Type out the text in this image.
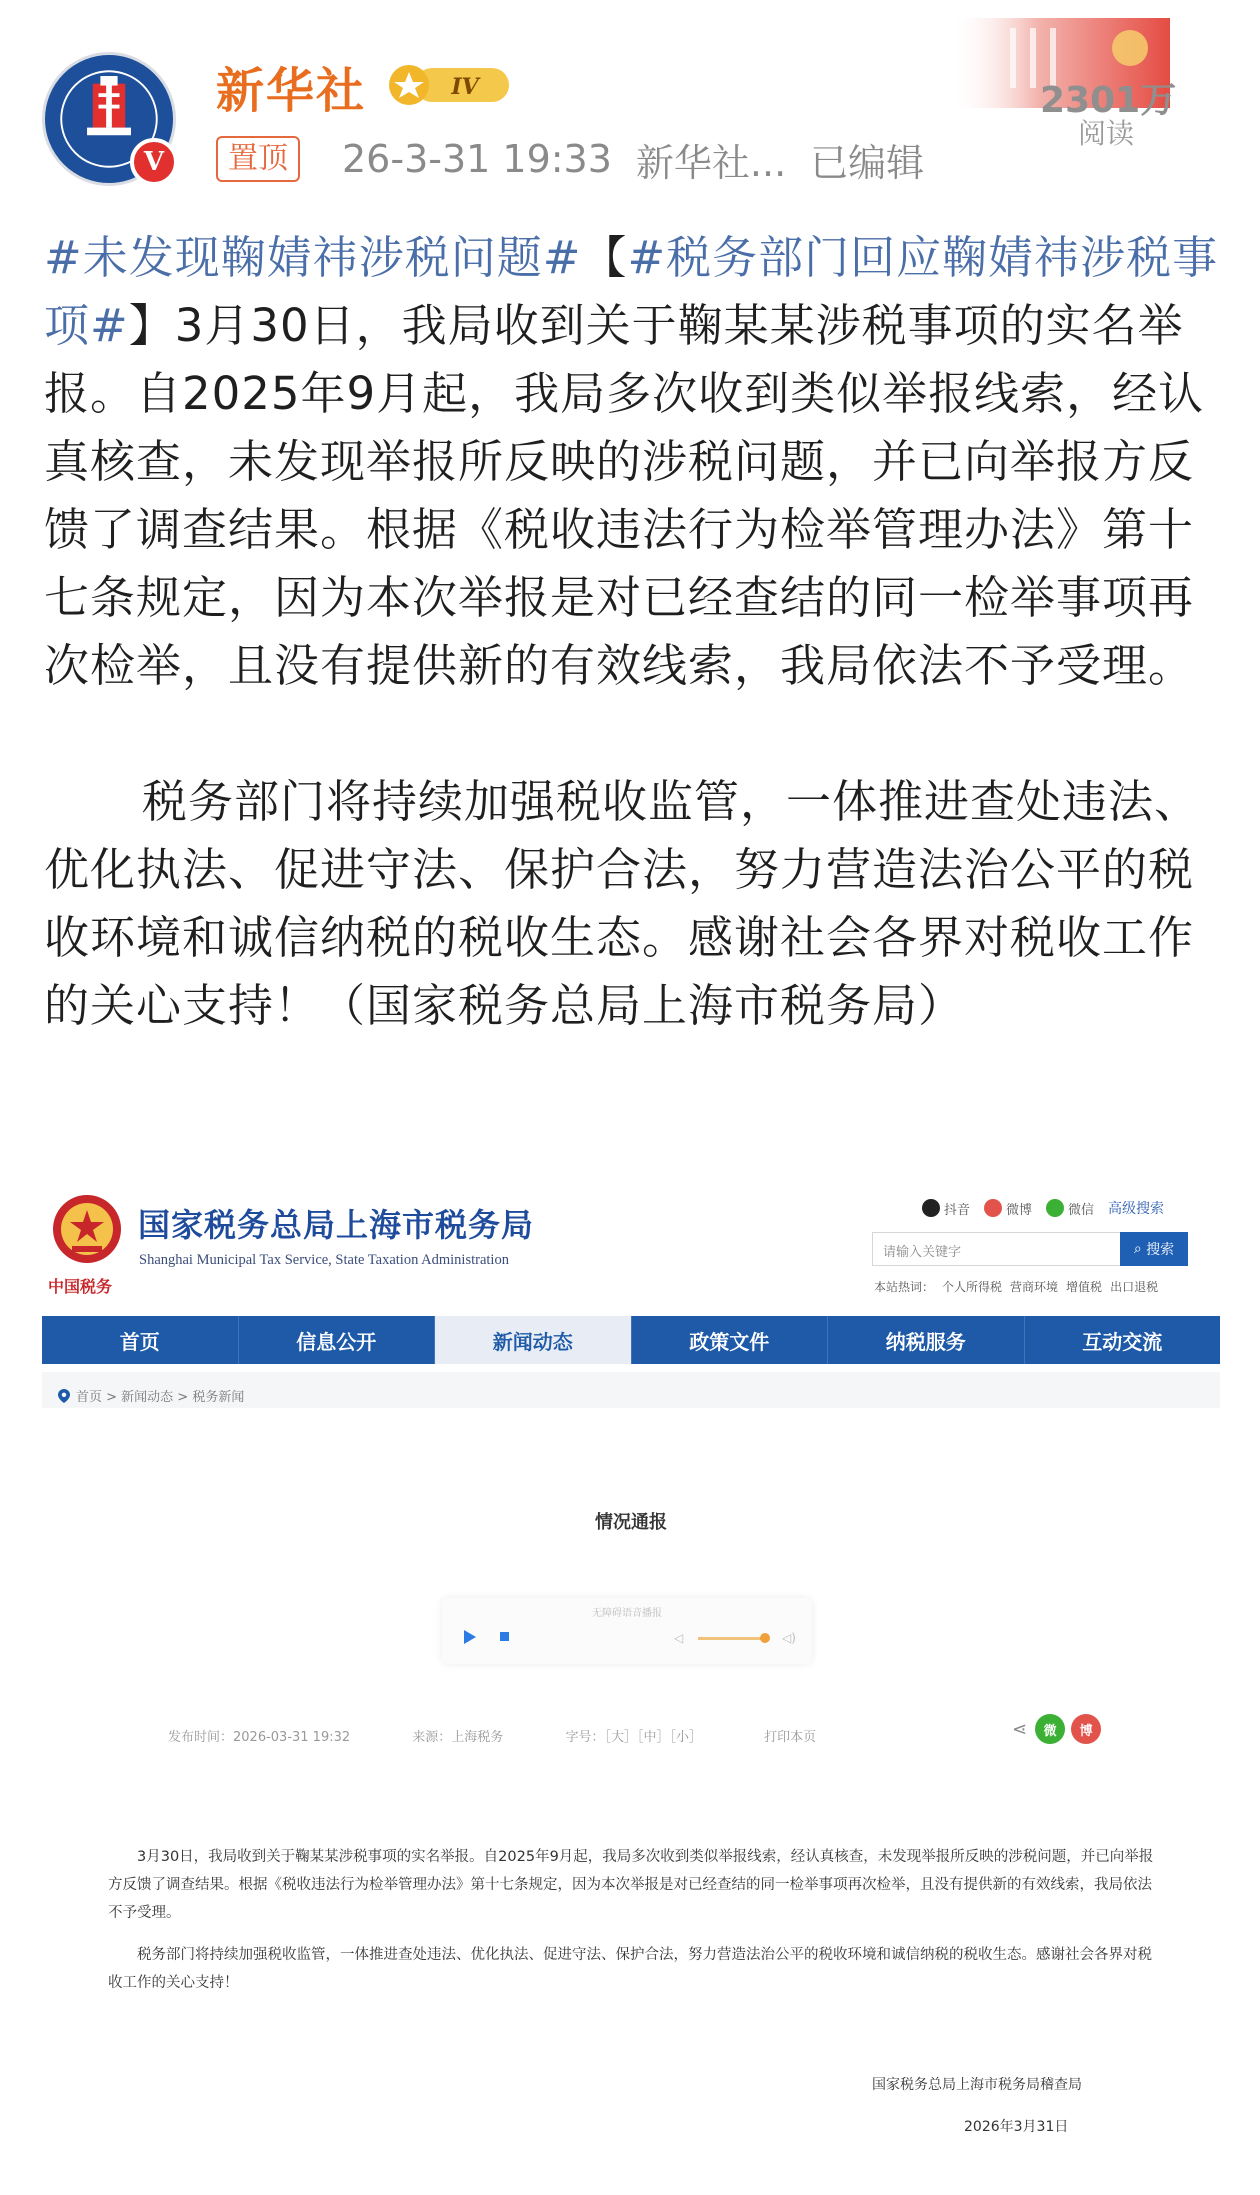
V
新华社	IV
置顶	26-3-31 19:33 新华社... 已编辑
2301万
阅读

#未发现鞠婧祎涉税问题#【#税务部门回应鞠婧祎涉税事项#】3月30日，我局收到关于鞠某某涉税事项的实名举报。自2025年9月起，我局多次收到类似举报线索，经认真核查，未发现举报所反映的涉税问题，并已向举报方反馈了调查结果。根据《税收违法行为检举管理办法》第十七条规定，因为本次举报是对已经查结的同一检举事项再次检举，且没有提供新的有效线索，我局依法不予受理。

税务部门将持续加强税收监管，一体推进查处违法、优化执法、促进守法、保护合法，努力营造法治公平的税收环境和诚信纳税的税收生态。感谢社会各界对税收工作的关心支持！（国家税务总局上海市税务局）

中国税务
国家税务总局上海市税务局
Shanghai Municipal Tax Service, State Taxation Administration
抖音	微博	微信 高级搜索
请输入关键字	⌕ 搜索
本站热词： 个人所得税 营商环境 增值税 出口退税
首页	信息公开	新闻动态	政策文件	纳税服务	互动交流
首页 > 新闻动态 > 税务新闻
情况通报
无障碍语音播报
◁	◁)
发布时间：2026-03-31 19:32	来源：上海税务	字号：［大］［中］［小］	打印本页	⋖	微	博

3月30日，我局收到关于鞠某某涉税事项的实名举报。自2025年9月起，我局多次收到类似举报线索，经认真核查，未发现举报所反映的涉税问题，并已向举报方反馈了调查结果。根据《税收违法行为检举管理办法》第十七条规定，因为本次举报是对已经查结的同一检举事项再次检举，且没有提供新的有效线索，我局依法不予受理。

税务部门将持续加强税收监管，一体推进查处违法、优化执法、促进守法、保护合法，努力营造法治公平的税收环境和诚信纳税的税收生态。感谢社会各界对税收工作的关心支持！

国家税务总局上海市税务局稽查局
2026年3月31日
